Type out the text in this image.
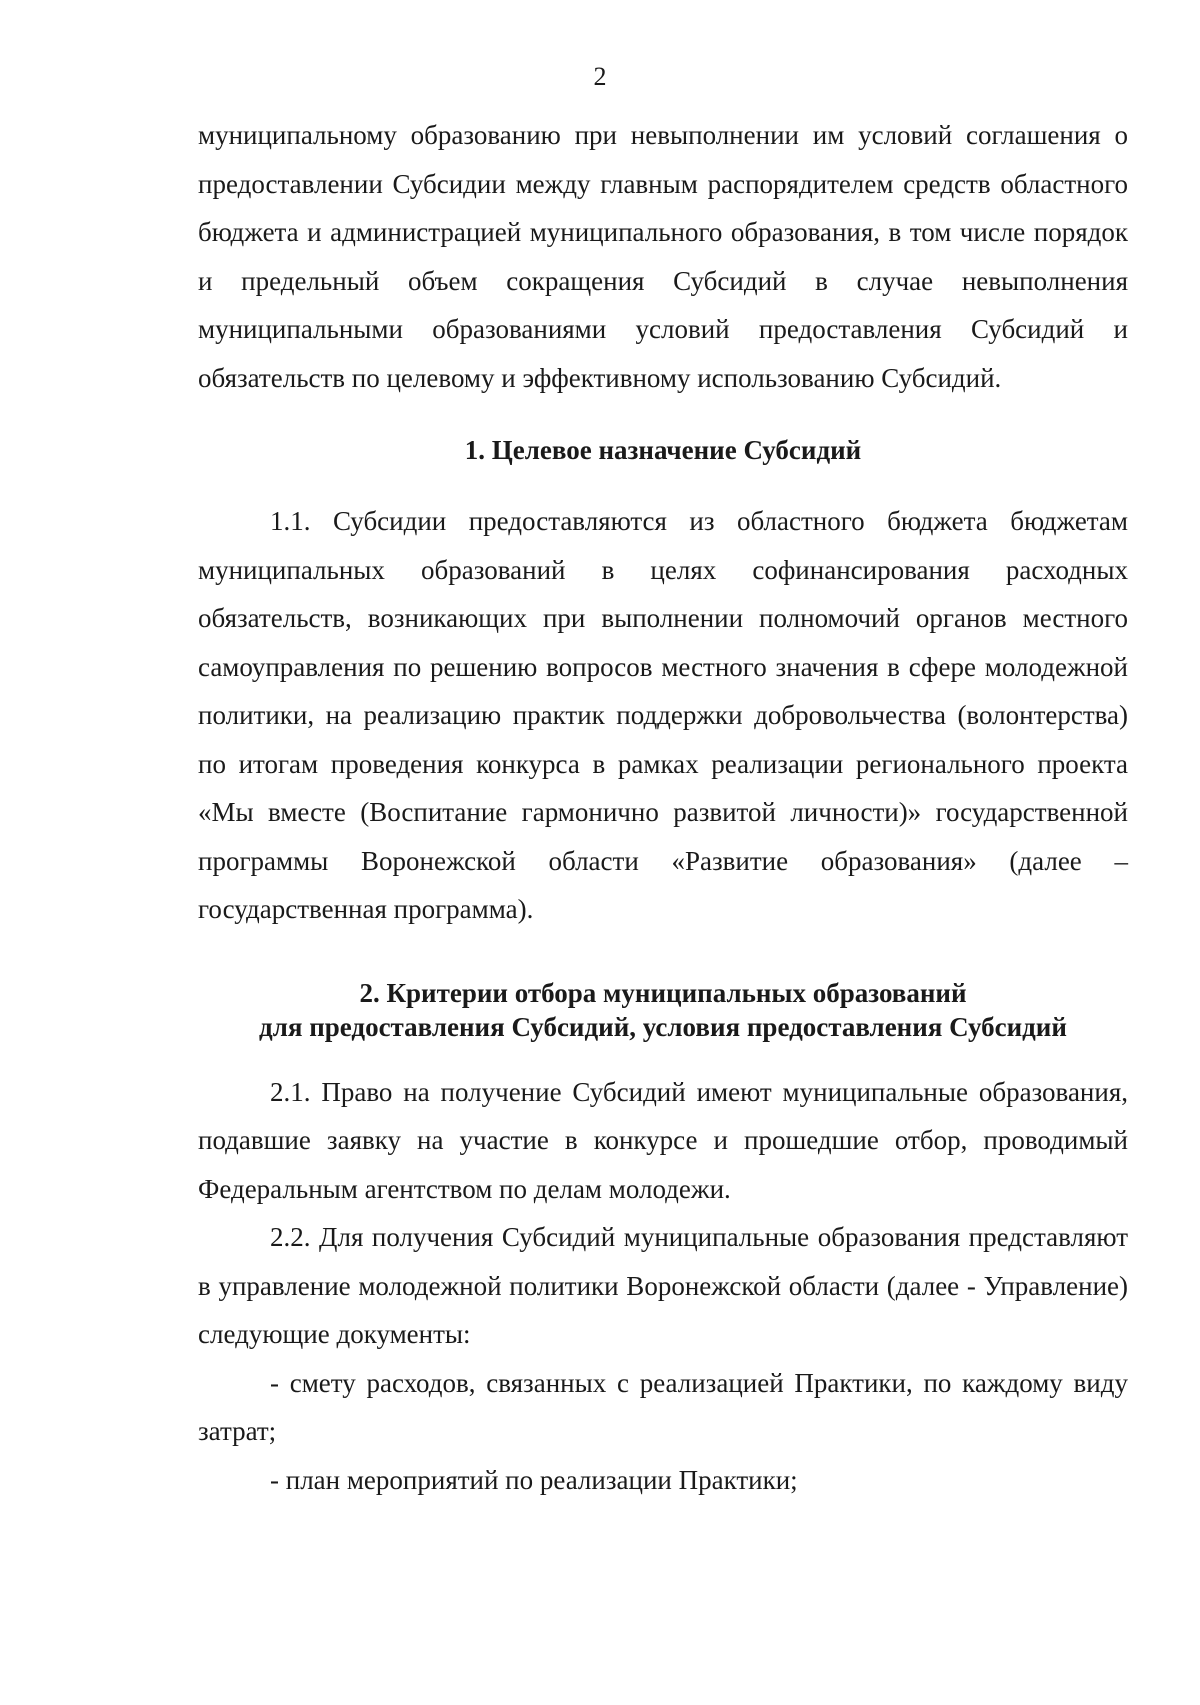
2

муниципальному образованию при невыполнении им условий соглашения о предоставлении Субсидии между главным распорядителем средств областного бюджета и администрацией муниципального образования, в том числе порядок и предельный объем сокращения Субсидий в случае невыполнения муниципальными образованиями условий предоставления Субсидий и обязательств по целевому и эффективному использованию Субсидий.

1. Целевое назначение Субсидий

1.1. Субсидии предоставляются из областного бюджета бюджетам муниципальных образований в целях софинансирования расходных обязательств, возникающих при выполнении полномочий органов местного самоуправления по решению вопросов местного значения в сфере молодежной политики, на реализацию практик поддержки добровольчества (волонтерства) по итогам проведения конкурса в рамках реализации регионального проекта «Мы вместе (Воспитание гармонично развитой личности)» государственной программы Воронежской области «Развитие образования» (далее – государственная программа).

2. Критерии отбора муниципальных образований
для предоставления Субсидий, условия предоставления Субсидий

2.1. Право на получение Субсидий имеют муниципальные образования, подавшие заявку на участие в конкурсе и прошедшие отбор, проводимый Федеральным агентством по делам молодежи.

2.2. Для получения Субсидий муниципальные образования представляют в управление молодежной политики Воронежской области (далее - Управление) следующие документы:

- смету расходов, связанных с реализацией Практики, по каждому виду затрат;

- план мероприятий по реализации Практики;
